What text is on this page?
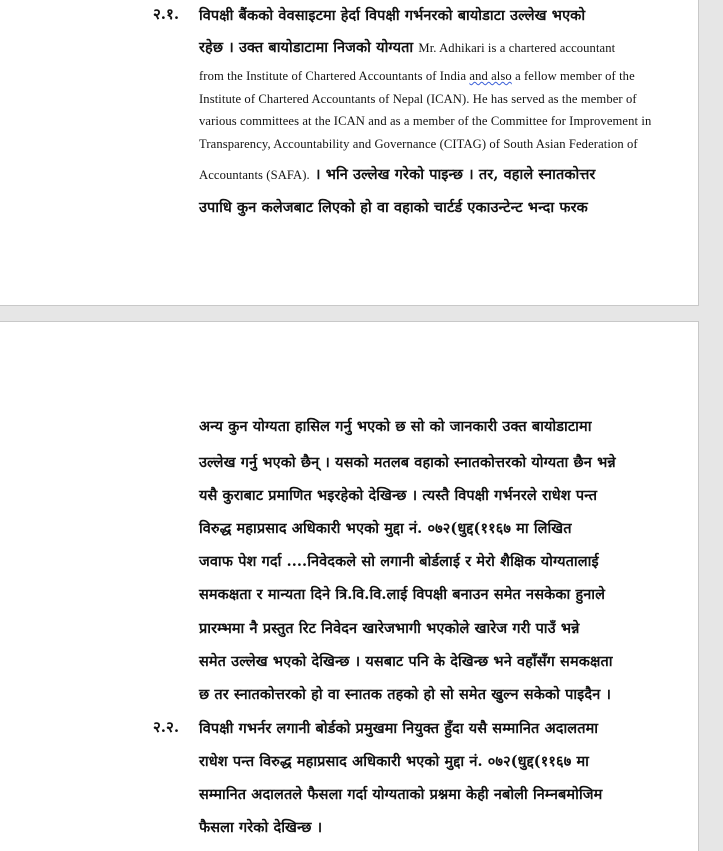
२.१. विपक्षी बैंकको वेवसाइटमा हेर्दा विपक्षी गर्भनरको बायोडाटा उल्लेख भएको
रहेछ । उक्त बायोडाटामा निजको योग्यता Mr. Adhikari is a chartered accountant
from the Institute of Chartered Accountants of India and also a fellow member of the
Institute of Chartered Accountants of Nepal (ICAN). He has served as the member of
various committees at the ICAN and as a member of the Committee for Improvement in
Transparency, Accountability and Governance (CITAG) of South Asian Federation of
Accountants (SAFA). । भनि उल्लेख गरेको पाइन्छ । तर, वहाले स्नातकोत्तर
उपाधि कुन कलेजबाट लिएको हो वा वहाको चार्टर्ड एकाउन्टेन्ट भन्दा फरक
अन्य कुन योग्यता हासिल गर्नु भएको छ सो को जानकारी उक्त बायोडाटामा
उल्लेख गर्नु भएको छैन् । यसको मतलब वहाको स्नातकोत्तरको योग्यता छैन भन्ने
यसै कुराबाट प्रमाणित भइरहेको देखिन्छ । त्यस्तै विपक्षी गर्भनरले राधेश पन्त
विरुद्ध महाप्रसाद अधिकारी भएको मुद्दा नं. ०७२(धुद्द(११६७ मा लिखित
जवाफ पेश गर्दा ....निवेदकले सो लगानी बोर्डलाई र मेरो शैक्षिक योग्यतालाई
समकक्षता र मान्यता दिने त्रि.वि.वि.लाई विपक्षी बनाउन समेत नसकेका हुनाले
प्रारम्भमा नै प्रस्तुत रिट निवेदन खारेजभागी भएकोले खारेज गरी पाउँ भन्ने
समेत उल्लेख भएको देखिन्छ । यसबाट पनि के देखिन्छ भने वहाँसँग समकक्षता
छ तर स्नातकोत्तरको हो वा स्नातक तहको हो सो समेत खुल्न सकेको पाइदैन ।
२.२. विपक्षी गभर्नर लगानी बोर्डको प्रमुखमा नियुक्त हुँदा यसै सम्मानित अदालतमा
राधेश पन्त विरुद्ध महाप्रसाद अधिकारी भएको मुद्दा नं. ०७२(धुद्द(११६७ मा
सम्मानित अदालतले फैसला गर्दा योग्यताको प्रश्नमा केही नबोली निम्नबमोजिम
फैसला गरेको देखिन्छ ।
